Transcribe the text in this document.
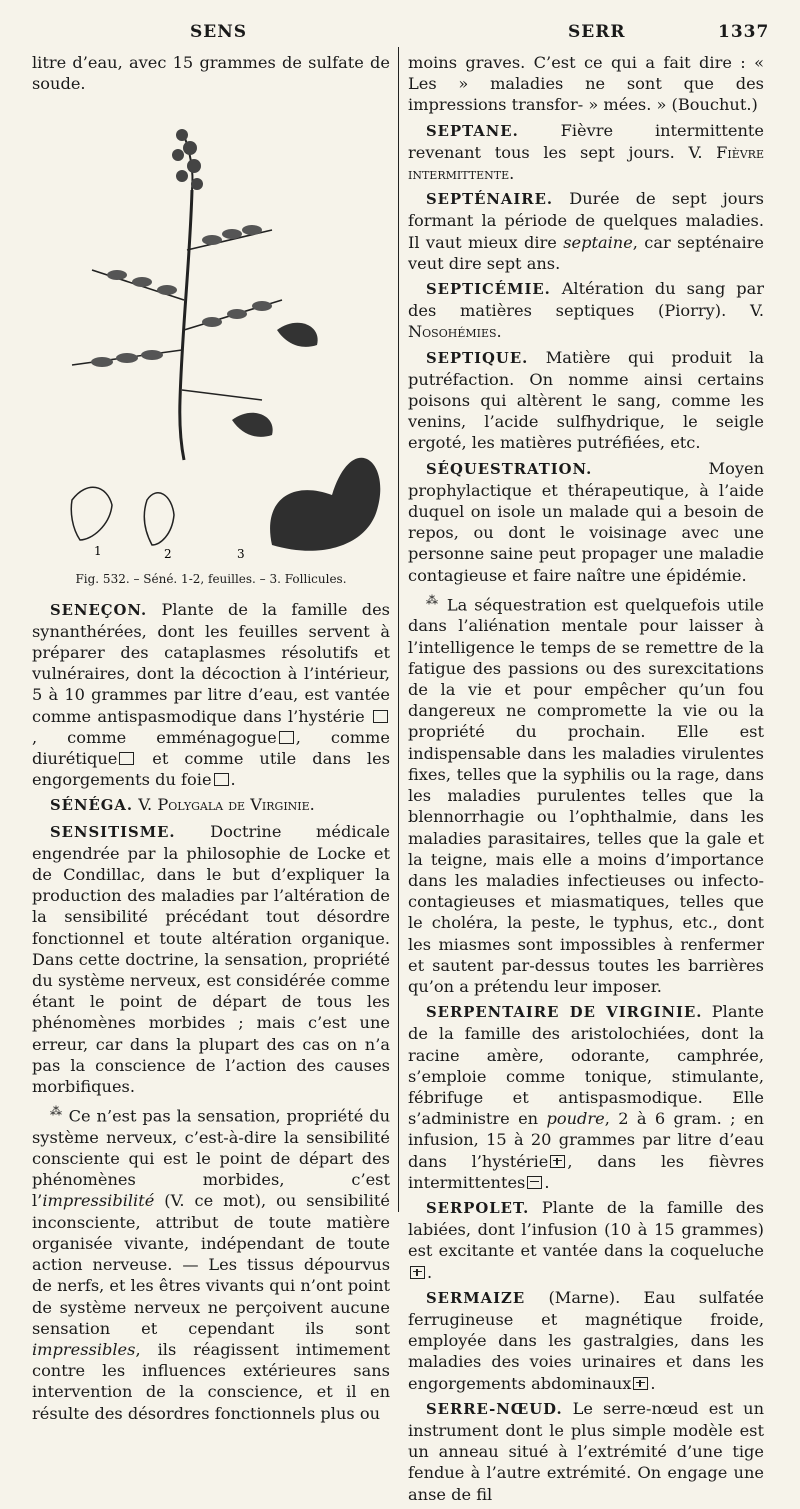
SENS	SERR	1337

litre d’eau, avec 15 grammes de sulfate de soude.

1	2	3
Fig. 532. – Séné. 1-2, feuilles. – 3. Follicules.

SENEÇON. Plante de la famille des synanthérées, dont les feuilles servent à préparer des cataplasmes résolutifs et vulnéraires, dont la décoction à l’intérieur, 5 à 10 grammes par litre d’eau, est vantée comme antispasmodique dans l’hystérie , comme emménagogue , comme diurétique et comme utile dans les engorgements du foie .

SÉNÉGA. V. Polygala de Virginie.

SENSITISME. Doctrine médicale engendrée par la philosophie de Locke et de Condillac, dans le but d’expliquer la production des maladies par l’altération de la sensibilité précédant tout désordre fonctionnel et toute altération organique. Dans cette doctrine, la sensation, propriété du système nerveux, est considérée comme étant le point de départ de tous les phénomènes morbides ; mais c’est une erreur, car dans la plupart des cas on n’a pas la conscience de l’action des causes morbifiques.

⁂ Ce n’est pas la sensation, propriété du système nerveux, c’est-à-dire la sensibilité consciente qui est le point de départ des phénomènes morbides, c’est l’impressibilité (V. ce mot), ou sensibilité inconsciente, attribut de toute matière organisée vivante, indépendant de toute action nerveuse. — Les tissus dépourvus de nerfs, et les êtres vivants qui n’ont point de système nerveux ne perçoivent aucune sensation et cependant ils sont impressibles, ils réagissent intimement contre les influences extérieures sans intervention de la conscience, et il en résulte des désordres fonctionnels plus ou

moins graves. C’est ce qui a fait dire : « Les » maladies ne sont que des impressions transfor- » mées. » (Bouchut.)

SEPTANE. Fièvre intermittente revenant tous les sept jours. V. Fièvre intermittente.

SEPTÉNAIRE. Durée de sept jours formant la période de quelques maladies. Il vaut mieux dire septaine, car septénaire veut dire sept ans.

SEPTICÉMIE. Altération du sang par des matières septiques (Piorry). V. Nosohémies.

SEPTIQUE. Matière qui produit la putréfaction. On nomme ainsi certains poisons qui altèrent le sang, comme les venins, l’acide sulfhydrique, le seigle ergoté, les matières putréfiées, etc.

SÉQUESTRATION. Moyen prophylactique et thérapeutique, à l’aide duquel on isole un malade qui a besoin de repos, ou dont le voisinage avec une personne saine peut propager une maladie contagieuse et faire naître une épidémie.

⁂ La séquestration est quelquefois utile dans l’aliénation mentale pour laisser à l’intelligence le temps de se remettre de la fatigue des passions ou des surexcitations de la vie et pour empêcher qu’un fou dangereux ne compromette la vie ou la propriété du prochain. Elle est indispensable dans les maladies virulentes fixes, telles que la syphilis ou la rage, dans les maladies purulentes telles que la blennorrhagie ou l’ophthalmie, dans les maladies parasitaires, telles que la gale et la teigne, mais elle a moins d’importance dans les maladies infectieuses ou infecto-contagieuses et miasmatiques, telles que le choléra, la peste, le typhus, etc., dont les miasmes sont impossibles à renfermer et sautent par-dessus toutes les barrières qu’on a prétendu leur imposer.

SERPENTAIRE DE VIRGINIE. Plante de la famille des aristolochiées, dont la racine amère, odorante, camphrée, s’emploie comme tonique, stimulante, fébrifuge et antispasmodique. Elle s’administre en poudre, 2 à 6 gram. ; en infusion, 15 à 20 grammes par litre d’eau dans l’hystérie , dans les fièvres intermittentes .

SERPOLET. Plante de la famille des labiées, dont l’infusion (10 à 15 grammes) est excitante et vantée dans la coqueluche.

SERMAIZE (Marne). Eau sulfatée ferrugineuse et magnétique froide, employée dans les gastralgies, dans les maladies des voies urinaires et dans les engorgements abdominaux .

SERRE-NŒUD. Le serre-nœud est un instrument dont le plus simple modèle est un anneau situé à l’extrémité d’une tige fendue à l’autre extrémité. On engage une anse de fil
